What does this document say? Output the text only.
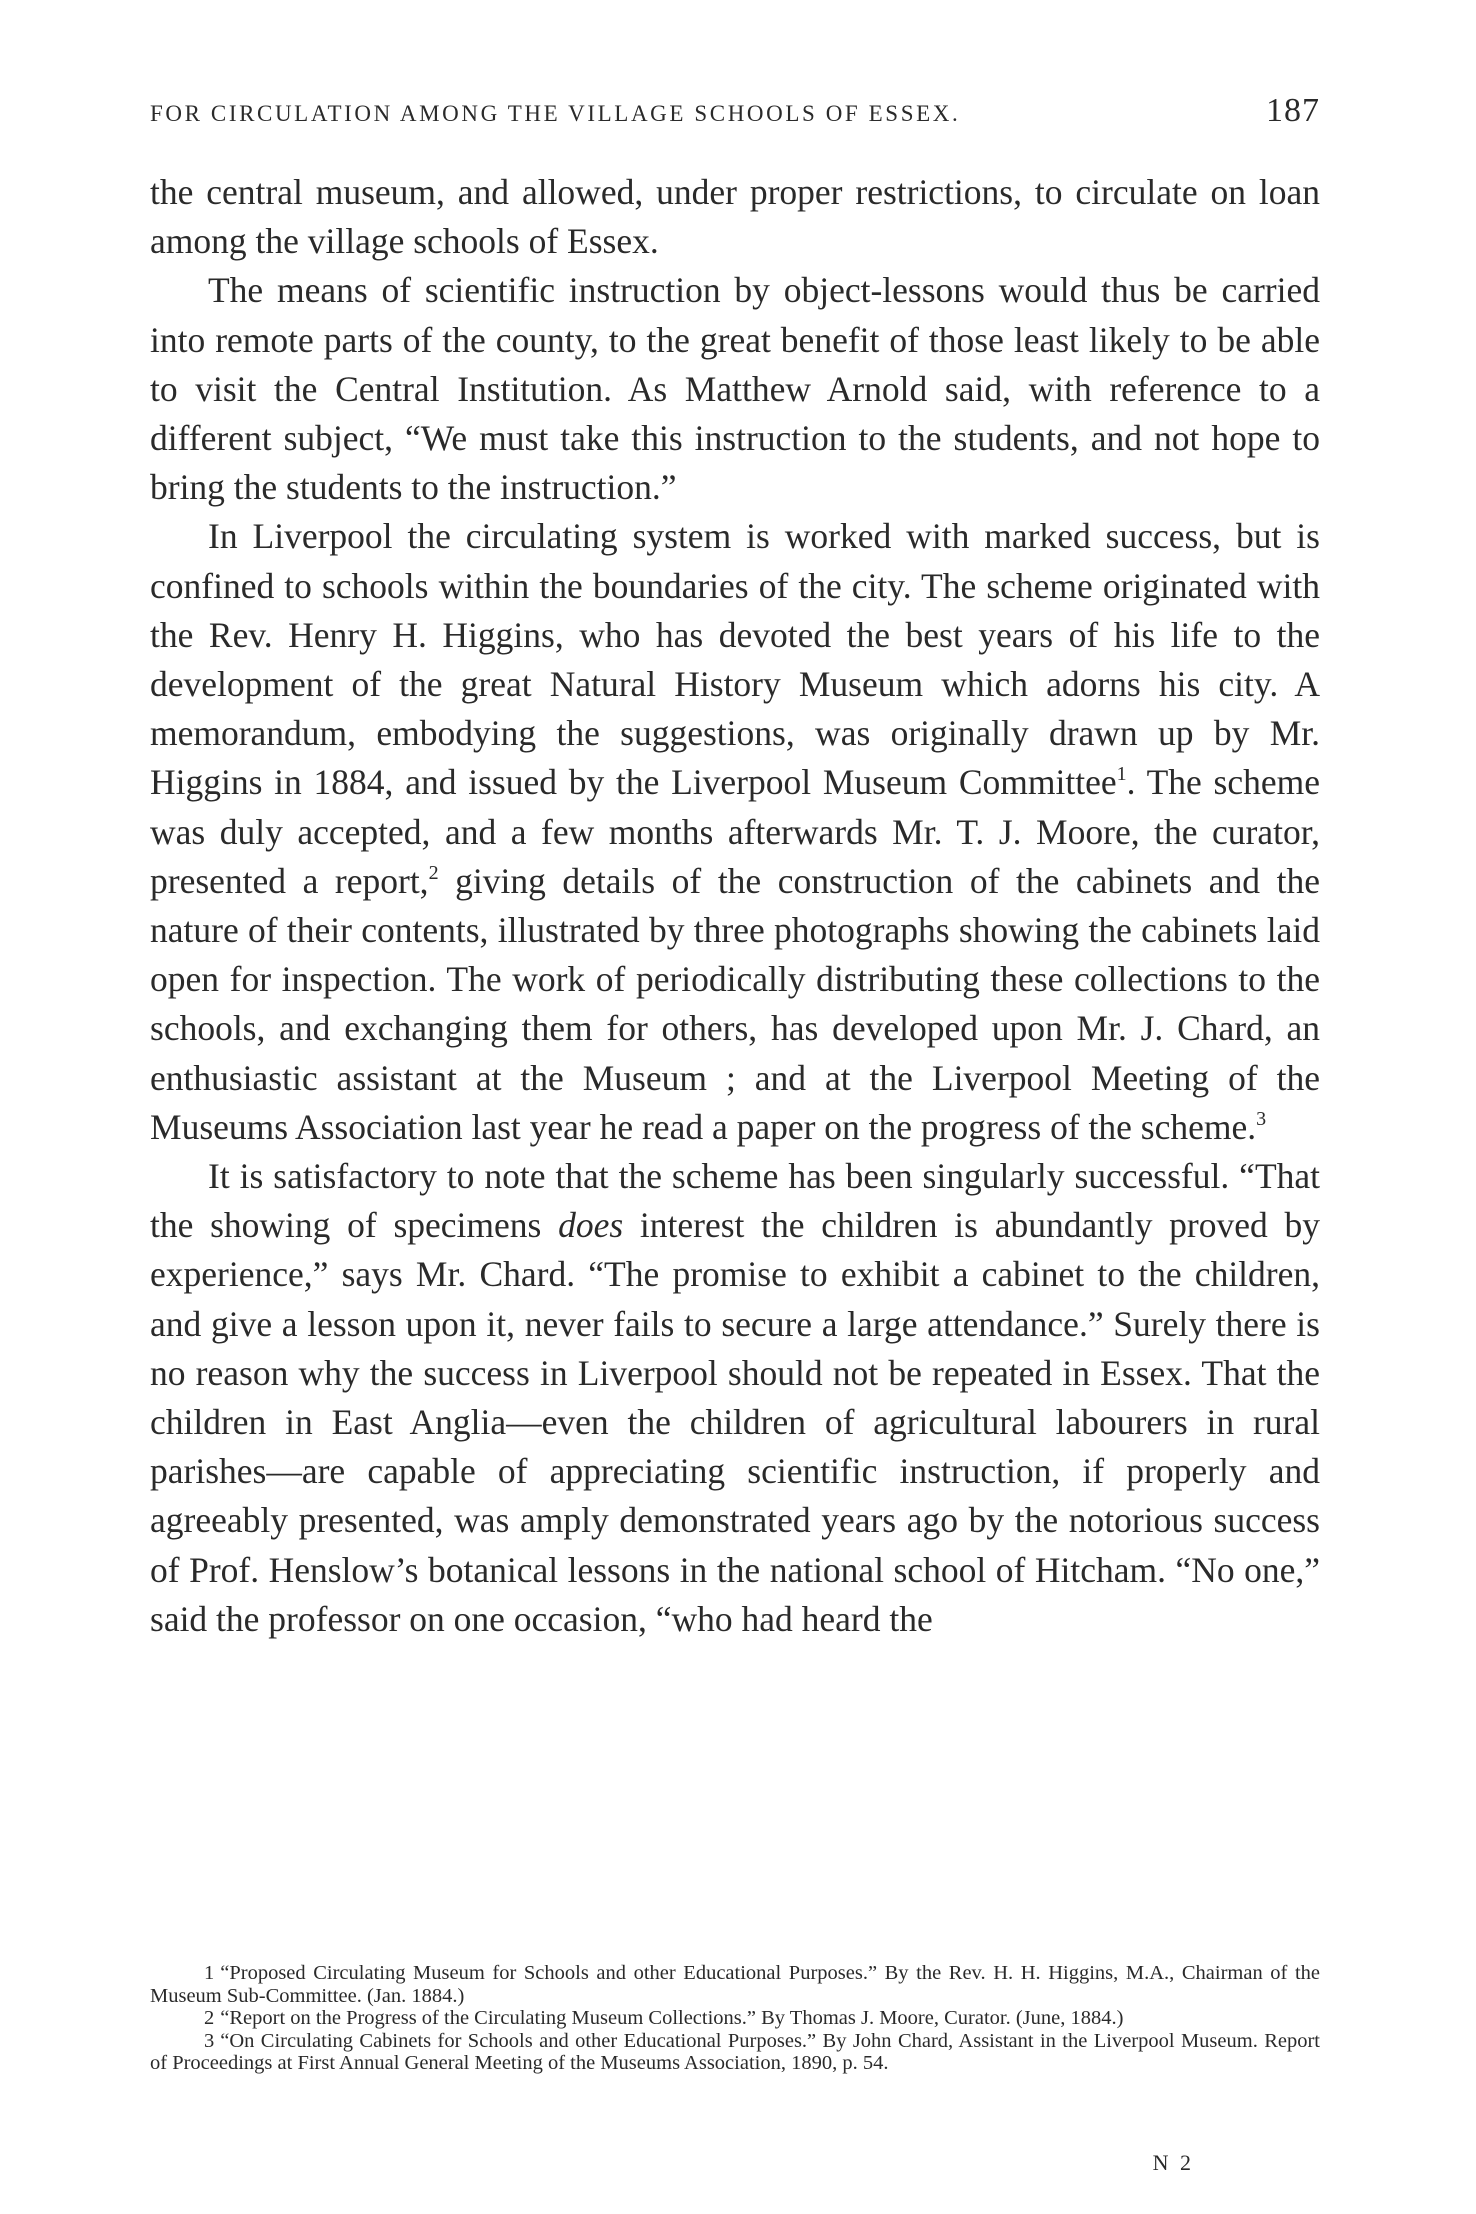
FOR CIRCULATION AMONG THE VILLAGE SCHOOLS OF ESSEX.	187

the central museum, and allowed, under proper restrictions, to circulate on loan among the village schools of Essex.

The means of scientific instruction by object-lessons would thus be carried into remote parts of the county, to the great benefit of those least likely to be able to visit the Central Institution. As Matthew Arnold said, with reference to a different subject, “We must take this instruction to the students, and not hope to bring the students to the instruction.”

In Liverpool the circulating system is worked with marked success, but is confined to schools within the boundaries of the city. The scheme originated with the Rev. Henry H. Higgins, who has devoted the best years of his life to the development of the great Natural History Museum which adorns his city. A memorandum, embodying the suggestions, was originally drawn up by Mr. Higgins in 1884, and issued by the Liverpool Museum Committee$^1$. The scheme was duly accepted, and a few months afterwards Mr. T. J. Moore, the curator, presented a report,$^2$ giving details of the construction of the cabinets and the nature of their contents, illustrated by three photographs showing the cabinets laid open for inspection. The work of periodically distributing these collections to the schools, and exchanging them for others, has developed upon Mr. J. Chard, an enthusiastic assistant at the Museum ; and at the Liverpool Meeting of the Museums Association last year he read a paper on the progress of the scheme.$^3$

It is satisfactory to note that the scheme has been singularly successful. “That the showing of specimens does interest the children is abundantly proved by experience,” says Mr. Chard. “The promise to exhibit a cabinet to the children, and give a lesson upon it, never fails to secure a large attendance.” Surely there is no reason why the success in Liverpool should not be repeated in Essex. That the children in East Anglia—even the children of agricultural labourers in rural parishes—are capable of appreciating scientific instruction, if properly and agreeably presented, was amply demonstrated years ago by the notorious success of Prof. Henslow’s botanical lessons in the national school of Hitcham. “No one,” said the professor on one occasion, “who had heard the

1 “Proposed Circulating Museum for Schools and other Educational Purposes.” By the Rev. H. H. Higgins, M.A., Chairman of the Museum Sub-Committee. (Jan. 1884.)

2 “Report on the Progress of the Circulating Museum Collections.” By Thomas J. Moore, Curator. (June, 1884.)

3 “On Circulating Cabinets for Schools and other Educational Purposes.” By John Chard, Assistant in the Liverpool Museum. Report of Proceedings at First Annual General Meeting of the Museums Association, 1890, p. 54.

N 2
